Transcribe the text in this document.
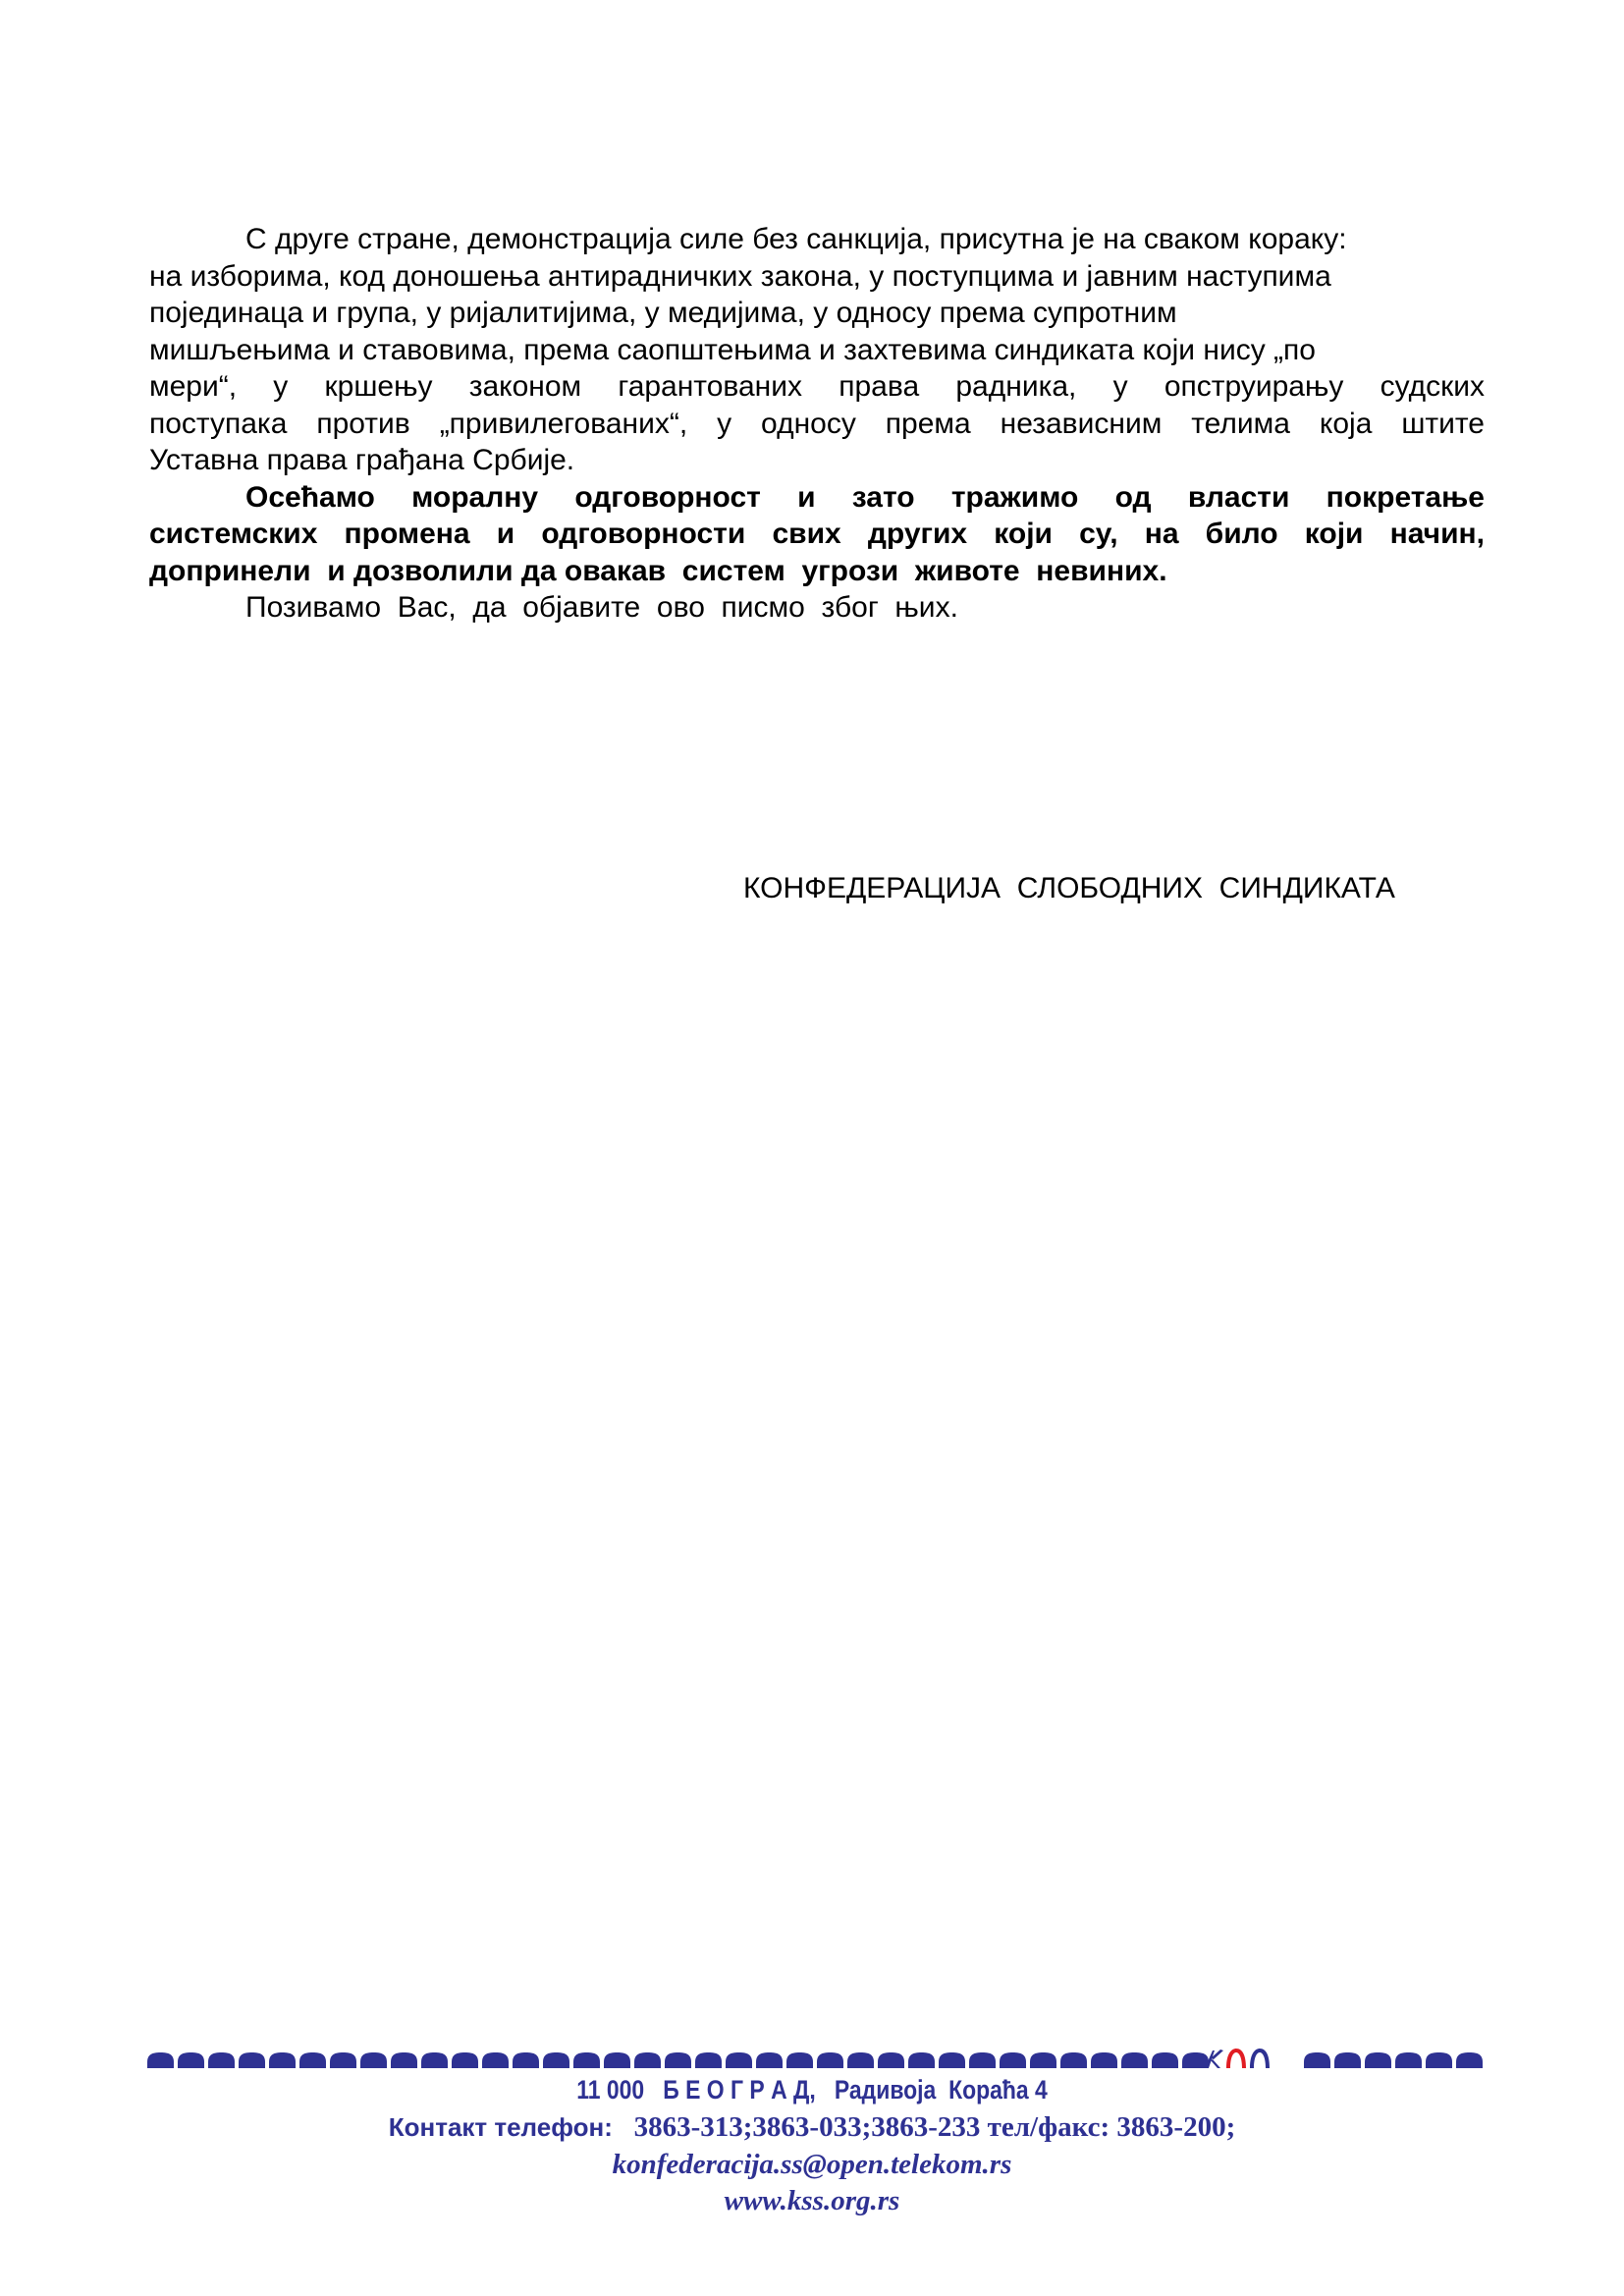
С друге стране, демонстрација силе без санкција, присутна је на сваком кораку:
на изборима, код доношења антирадничких закона, у поступцима и јавним наступима
појединаца и група, у ријалитијима, у медијима, у односу према супротним
мишљењима и ставовима, према саопштењима и захтевима синдиката који нису „по
мери“, у кршењу законом гарантованих права радника, у опструирању судских
поступака против „привилегованих“, у односу према независним телима која штите
Уставна права грађана Србије.
Осећамо моралну одговорност и зато тражимо од власти покретање
системских промена и одговорности свих других који су, на било који начин,
допринели  и дозволили да овакав  систем  угрози  животе  невиних.
Позивамо  Вас,  да  објавите  ово  писмо  због  њих.
КОНФЕДЕРАЦИЈА  СЛОБОДНИХ  СИНДИКАТА
11 000   Б Е О Г Р А Д,   Радивоја  Корaћа 4
Контакт телефон:   3863-313;3863-033;3863-233 тел/факс: 3863-200;
konfederacija.ss@open.telekom.rs
www.kss.org.rs
